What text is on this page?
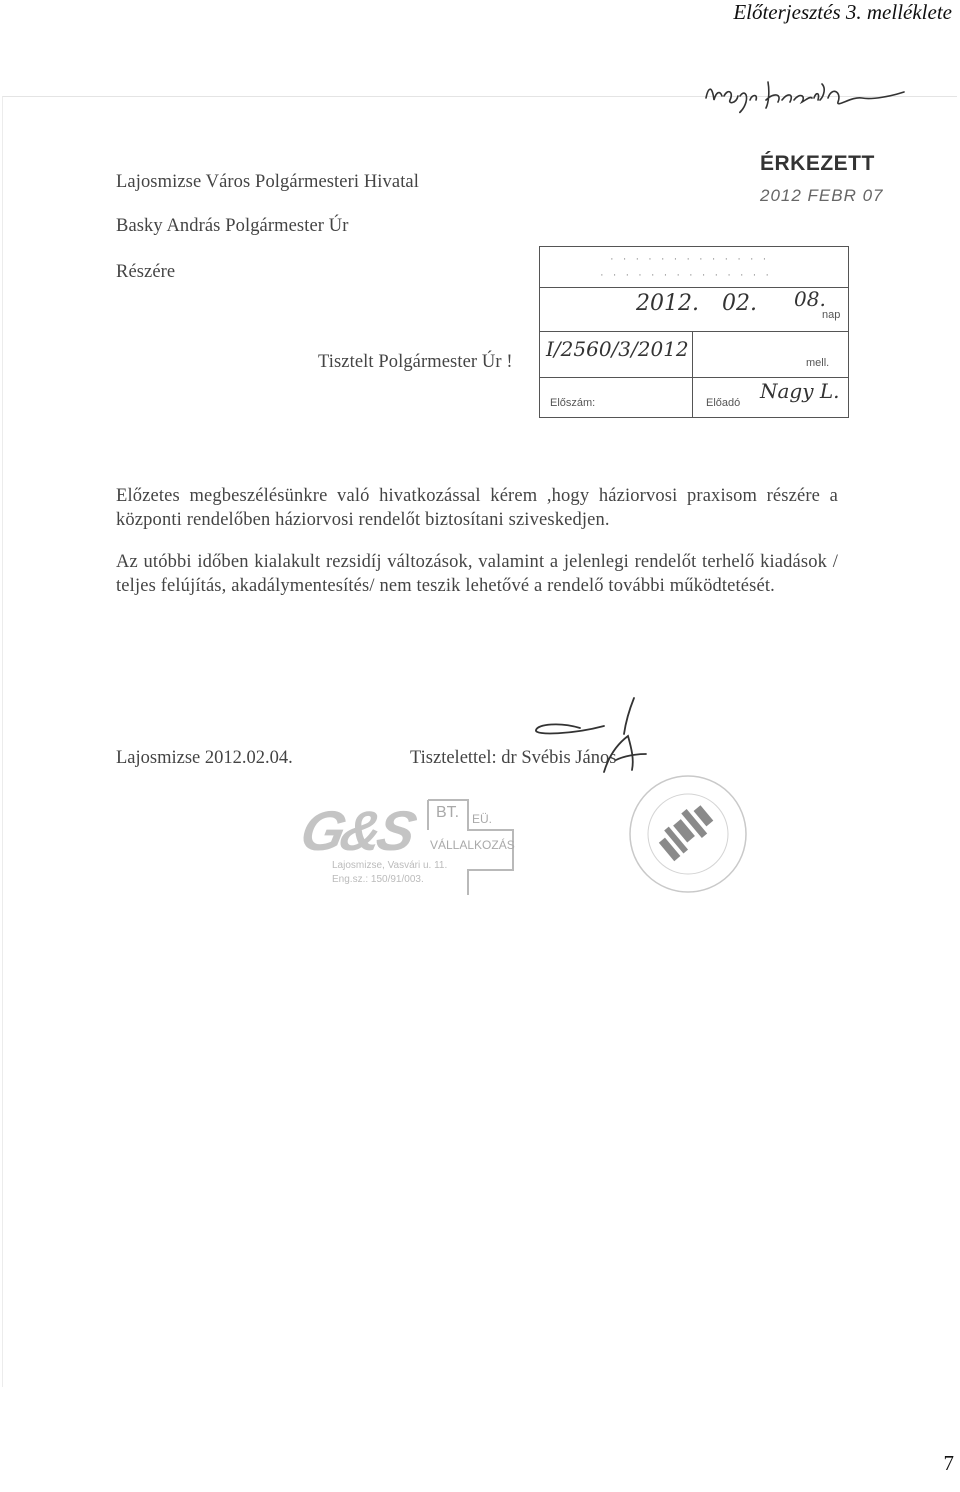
Előterjesztés 3. melléklete
Lajosmizse Város Polgármesteri Hivatal
Basky András Polgármester Úr
Részére
ÉRKEZETT
2012 FEBR 07
· · · · · · · · · · · · ·
· · · · · · · · · · · · · ·
2012. 02. 08.
nap
I/2560/3/2012
mell.
Előszám:	Előadó Nagy L.
Tisztelt Polgármester Úr !

Előzetes megbeszélésünkre való hivatkozással kérem ,hogy háziorvosi praxisom részére a központi rendelőben háziorvosi rendelőt biztosítani sziveskedjen.

Az utóbbi időben kialakult rezsidíj változások, valamint a jelenlegi rendelőt terhelő kiadások / teljes felújítás, akadálymentesítés/ nem teszik lehetővé a rendelő további működtetését.

Lajosmizse 2012.02.04.	Tisztelettel: dr Svébis János
G&S BT. EÜ.
VÁLLALKOZÁS
Lajosmizse, Vasvári u. 11.
Eng.sz.: 150/91/003.
7
